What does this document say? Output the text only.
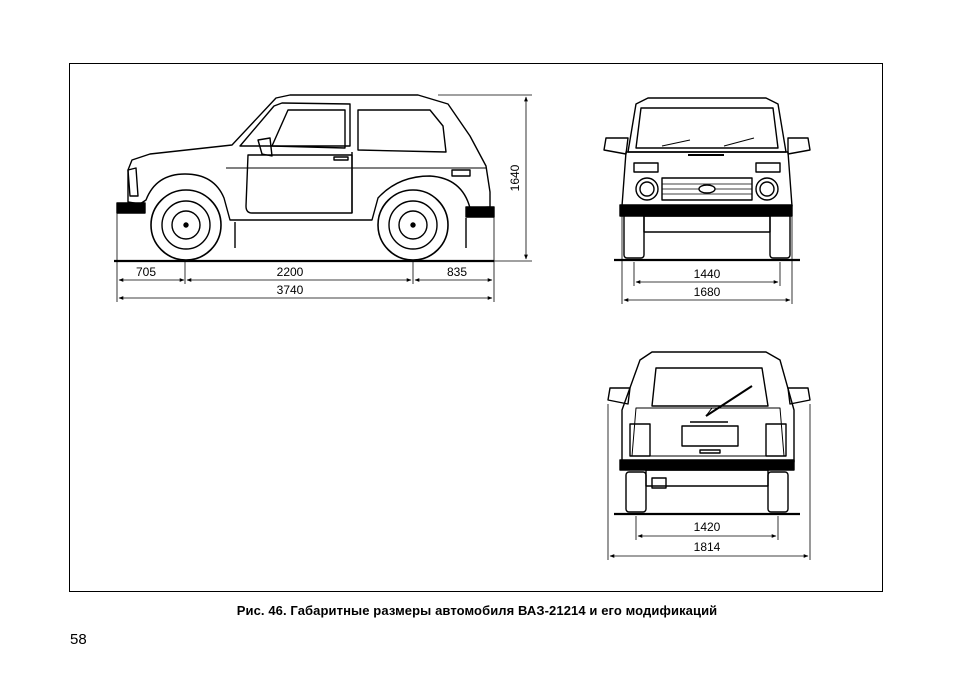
705	2200	835
3740
1640
1440
1680
1420
1814
Рис. 46. Габаритные размеры автомобиля ВАЗ-21214 и его модификаций
58
